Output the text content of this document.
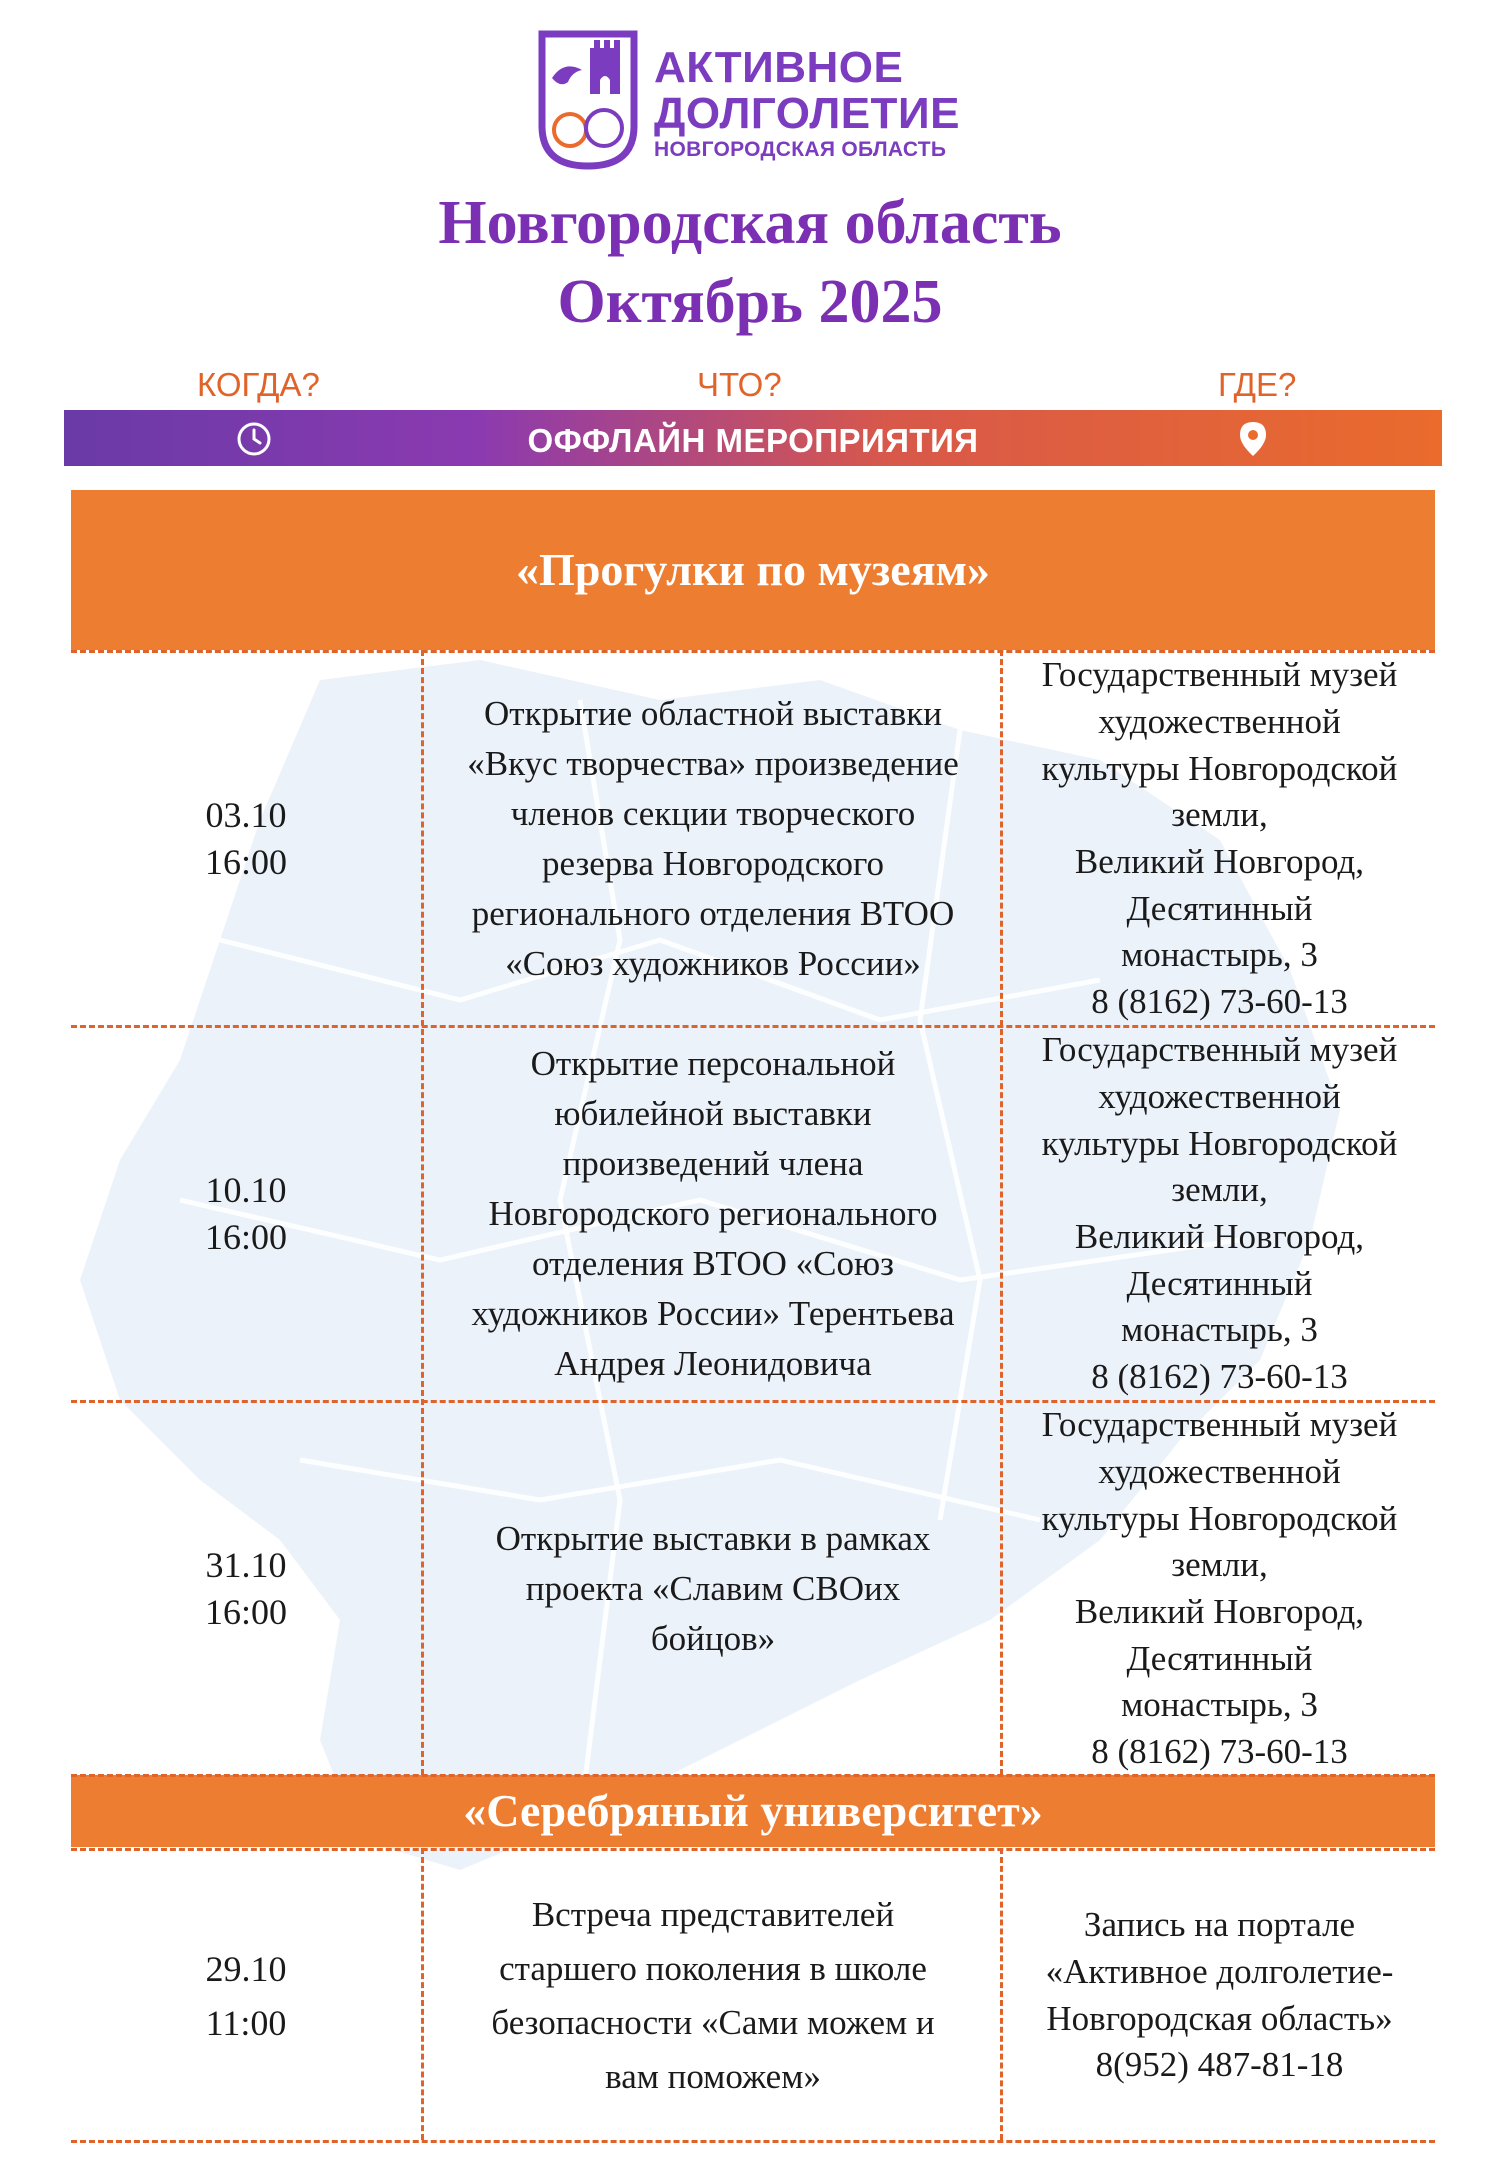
АКТИВНОЕ
ДОЛГОЛЕТИЕ
НОВГОРОДСКАЯ ОБЛАСТЬ
Новгородская область
Октябрь 2025
КОГДА?	ЧТО?	ГДЕ?
ОФФЛАЙН МЕРОПРИЯТИЯ
«Прогулки по музеям»
«Серебряный университет»
03.10
16:00
Открытие областной выставки
«Вкус творчества» произведение
членов секции творческого
резерва Новгородского
регионального отделения ВТОО
«Союз художников России»
Государственный музей
художественной
культуры Новгородской
земли,
Великий Новгород,
Десятинный
монастырь, 3
8 (8162) 73-60-13
10.10
16:00
Открытие персональной
юбилейной выставки
произведений члена
Новгородского регионального
отделения ВТОО «Союз
художников России» Терентьева
Андрея Леонидовича
Государственный музей
художественной
культуры Новгородской
земли,
Великий Новгород,
Десятинный
монастырь, 3
8 (8162) 73-60-13
31.10
16:00
Открытие выставки в рамках
проекта «Славим СВОих
бойцов»
Государственный музей
художественной
культуры Новгородской
земли,
Великий Новгород,
Десятинный
монастырь, 3
8 (8162) 73-60-13
29.10
11:00
Встреча представителей
старшего поколения в школе
безопасности «Сами можем и
вам поможем»
Запись на портале
«Активное долголетие-
Новгородская область»
8(952) 487-81-18
